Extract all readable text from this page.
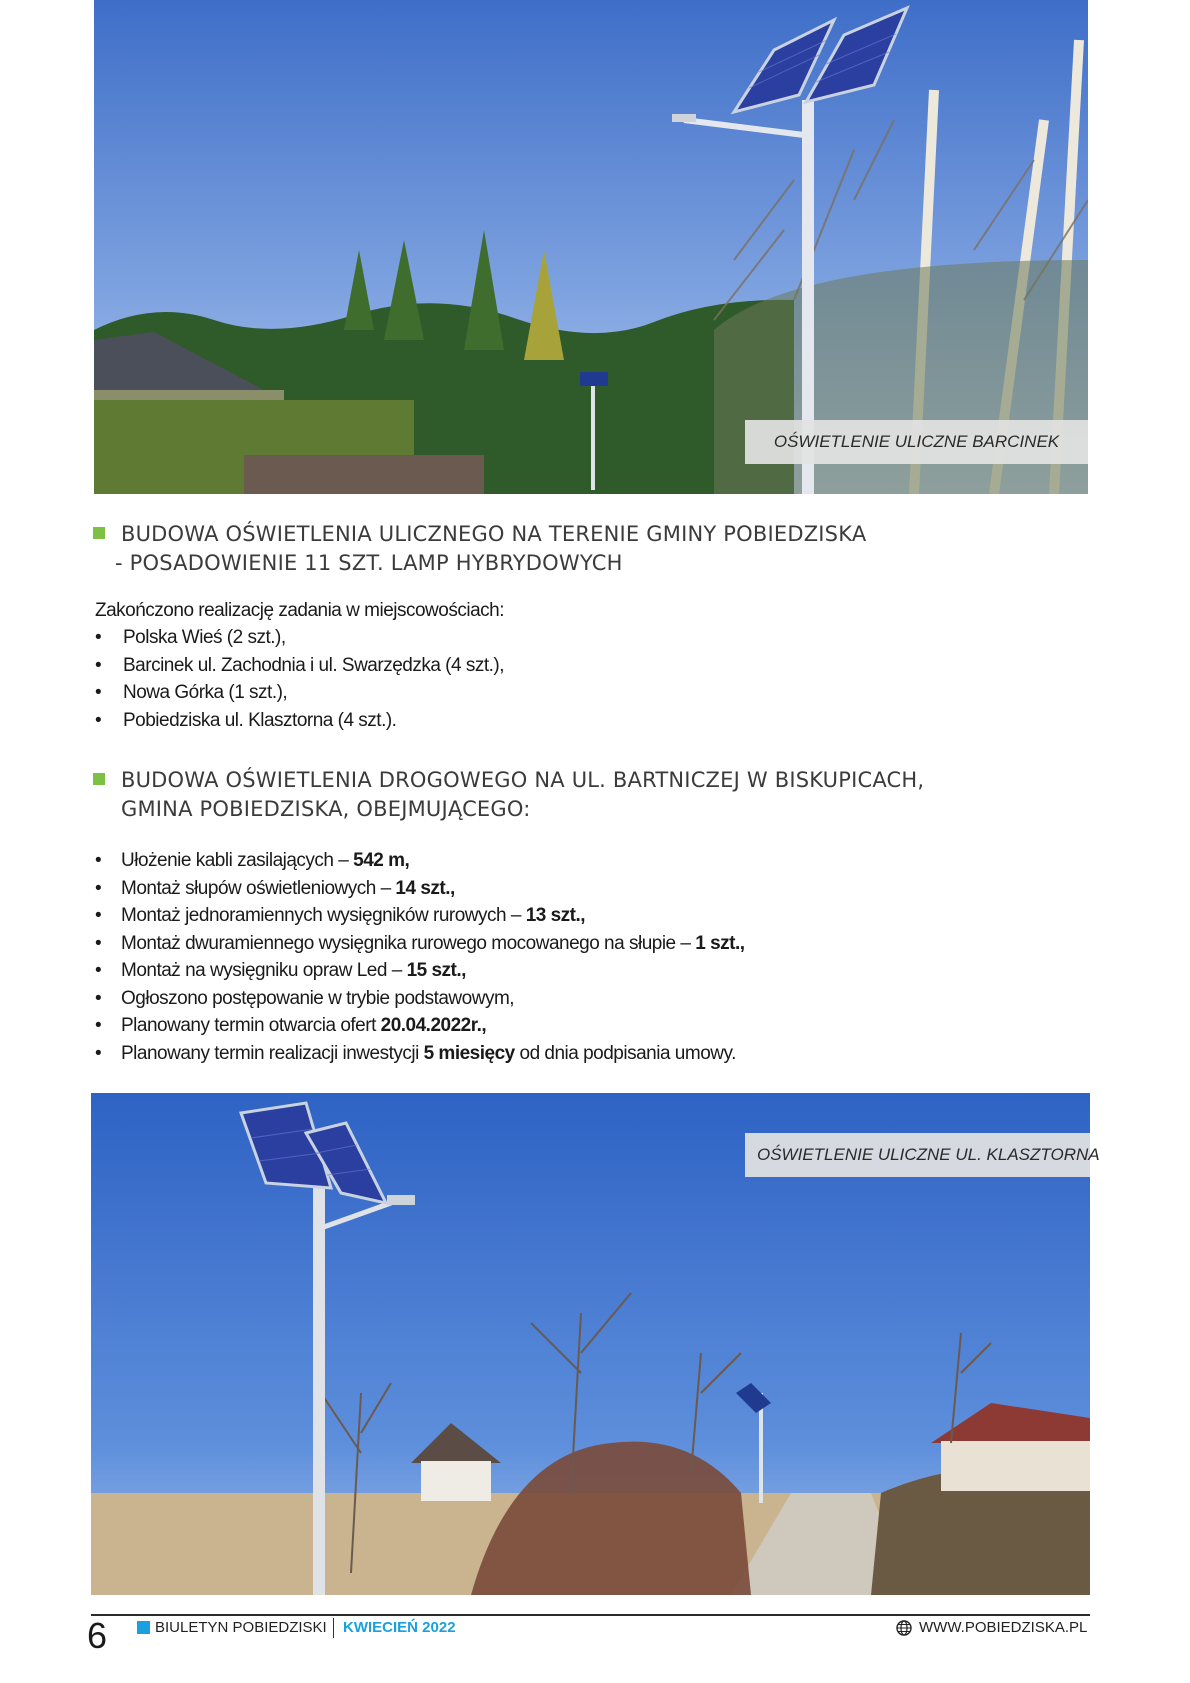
OŚWIETLENIE ULICZNE BARCINEK
BUDOWA OŚWIETLENIA ULICZNEGO NA TERENIE GMINY POBIEDZISKA
- POSADOWIENIE 11 SZT. LAMP HYBRYDOWYCH
Zakończono realizację zadania w miejscowościach:
• Polska Wieś (2 szt.),
• Barcinek ul. Zachodnia i ul. Swarzędzka (4 szt.),
• Nowa Górka (1 szt.),
• Pobiedziska ul. Klasztorna (4 szt.).
BUDOWA OŚWIETLENIA DROGOWEGO NA UL. BARTNICZEJ W BISKUPICACH,
GMINA POBIEDZISKA, OBEJMUJĄCEGO:
• Ułożenie kabli zasilających – 542 m,
• Montaż słupów oświetleniowych – 14 szt.,
• Montaż jednoramiennych wysięgników rurowych – 13 szt.,
• Montaż dwuramiennego wysięgnika rurowego mocowanego na słupie – 1 szt.,
• Montaż na wysięgniku opraw Led – 15 szt.,
• Ogłoszono postępowanie w trybie podstawowym,
• Planowany termin otwarcia ofert 20.04.2022r.,
• Planowany termin realizacji inwestycji 5 miesięcy od dnia podpisania umowy.
OŚWIETLENIE ULICZNE UL. KLASZTORNA
6	BIULETYN POBIEDZISKI KWIECIEŃ 2022	WWW.POBIEDZISKA.PL
